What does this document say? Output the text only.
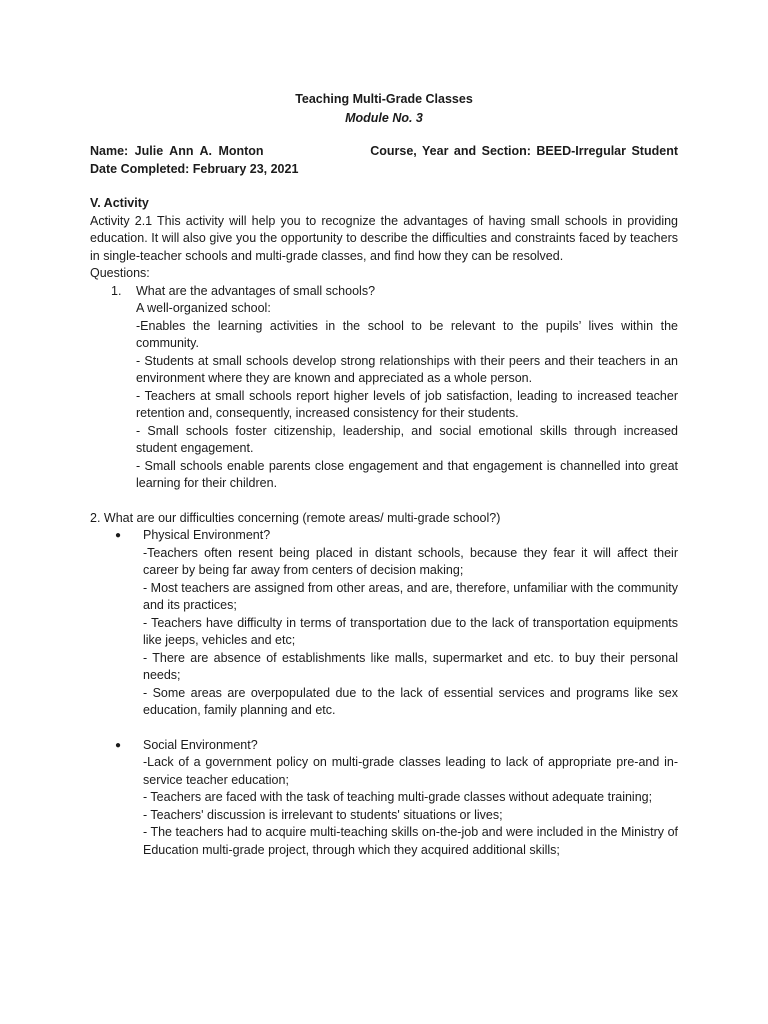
Teaching Multi-Grade Classes

Module No. 3

Name: Julie Ann A. Monton	Course, Year and Section: BEED-Irregular Student

Date Completed: February 23, 2021

V. Activity

Activity 2.1 This activity will help you to recognize the advantages of having small schools in providing education. It will also give you the opportunity to describe the difficulties and constraints faced by teachers in single-teacher schools and multi-grade classes, and find how they can be resolved.

Questions:

1.	What are the advantages of small schools?

A well-organized school:

-Enables the learning activities in the school to be relevant to the pupils’ lives within the community.

- Students at small schools develop strong relationships with their peers and their teachers in an environment where they are known and appreciated as a whole person.

- Teachers at small schools report higher levels of job satisfaction, leading to increased teacher retention and, consequently, increased consistency for their students.

- Small schools foster citizenship, leadership, and social emotional skills through increased student engagement.

- Small schools enable parents close engagement and that engagement is channelled into great learning for their children.

2. What are our difficulties concerning (remote areas/ multi-grade school?)

●	Physical Environment?

-Teachers often resent being placed in distant schools, because they fear it will affect their career by being far away from centers of decision making;

- Most teachers are assigned from other areas, and are, therefore, unfamiliar with the community and its practices;

- Teachers have difficulty in terms of transportation due to the lack of transportation equipments like jeeps, vehicles and etc;

- There are absence of establishments like malls, supermarket and etc. to buy their personal needs;

- Some areas are overpopulated due to the lack of essential services and programs like sex education, family planning and etc.

●	Social Environment?

-Lack of a government policy on multi-grade classes leading to lack of appropriate pre-and in-service teacher education;

- Teachers are faced with the task of teaching multi-grade classes without adequate training;

- Teachers' discussion is irrelevant to students' situations or lives;

- The teachers had to acquire multi-teaching skills on-the-job and were included in the Ministry of Education multi-grade project, through which they acquired additional skills;
